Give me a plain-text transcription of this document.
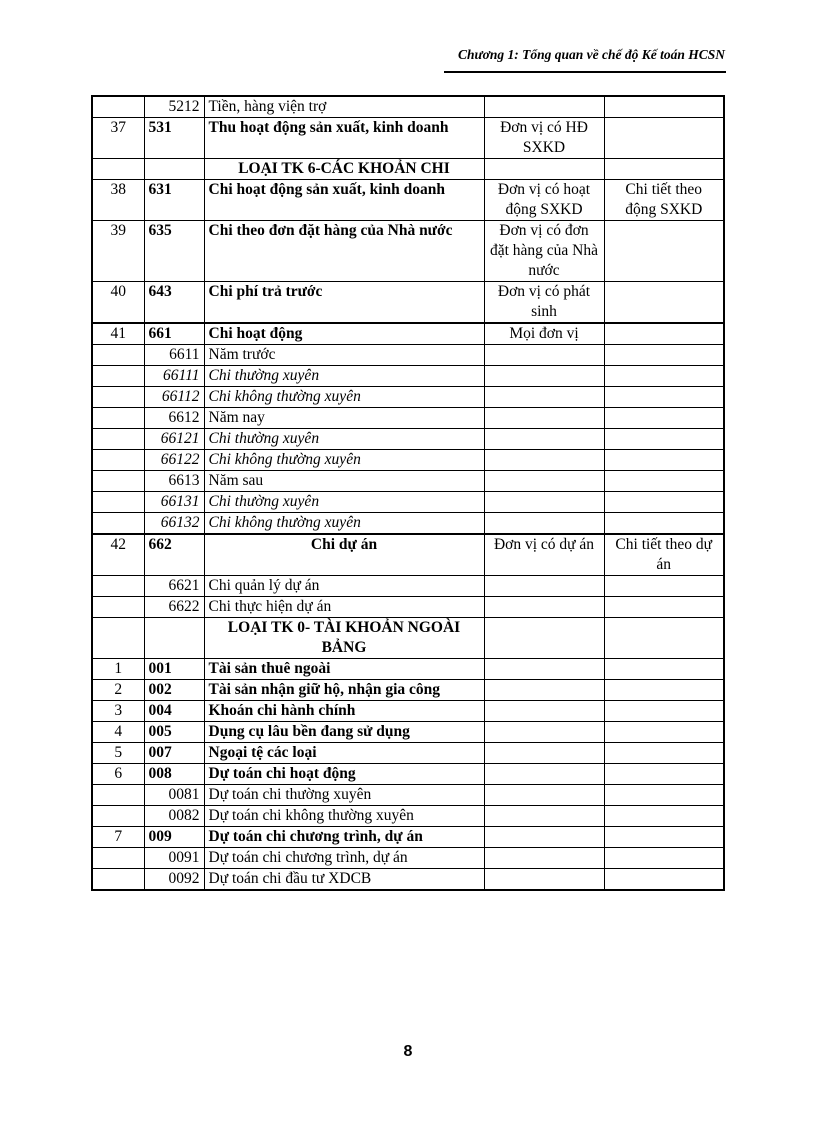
Chương 1: Tổng quan về chế độ Kế toán HCSN
	5212	Tiền, hàng viện trợ		
37	531	Thu hoạt động sản xuất, kinh doanh	Đơn vị có HĐ SXKD	
		LOẠI TK 6-CÁC KHOẢN CHI		
38	631	Chi hoạt động sản xuất, kinh doanh	Đơn vị có hoạt động SXKD	Chi tiết theo động SXKD
39	635	Chi theo đơn đặt hàng của Nhà nước	Đơn vị có đơn đặt hàng của Nhà nước	
40	643	Chi phí trả trước	Đơn vị có phát sinh	
41	661	Chi hoạt động	Mọi đơn vị	
	6611	Năm trước		
	66111	Chi thường xuyên		
	66112	Chi không thường xuyên		
	6612	Năm nay		
	66121	Chi thường xuyên		
	66122	Chi không thường xuyên		
	6613	Năm sau		
	66131	Chi thường xuyên		
	66132	Chi không thường xuyên		
42	662	Chi dự án	Đơn vị có dự án	Chi tiết theo dự án
	6621	Chi quản lý dự án		
	6622	Chi thực hiện dự án		
		LOẠI TK 0- TÀI KHOẢN NGOÀI BẢNG		
1	001	Tài sản thuê ngoài		
2	002	Tài sản nhận giữ hộ, nhận gia công		
3	004	Khoán chi hành chính		
4	005	Dụng cụ lâu bền đang sử dụng		
5	007	Ngoại tệ các loại		
6	008	Dự toán chi hoạt động		
	0081	Dự toán chi thường xuyên		
	0082	Dự toán chi không thường xuyên		
7	009	Dự toán chi chương trình, dự án		
	0091	Dự toán chi chương trình, dự án		
	0092	Dự toán chi đầu tư XDCB		
8
